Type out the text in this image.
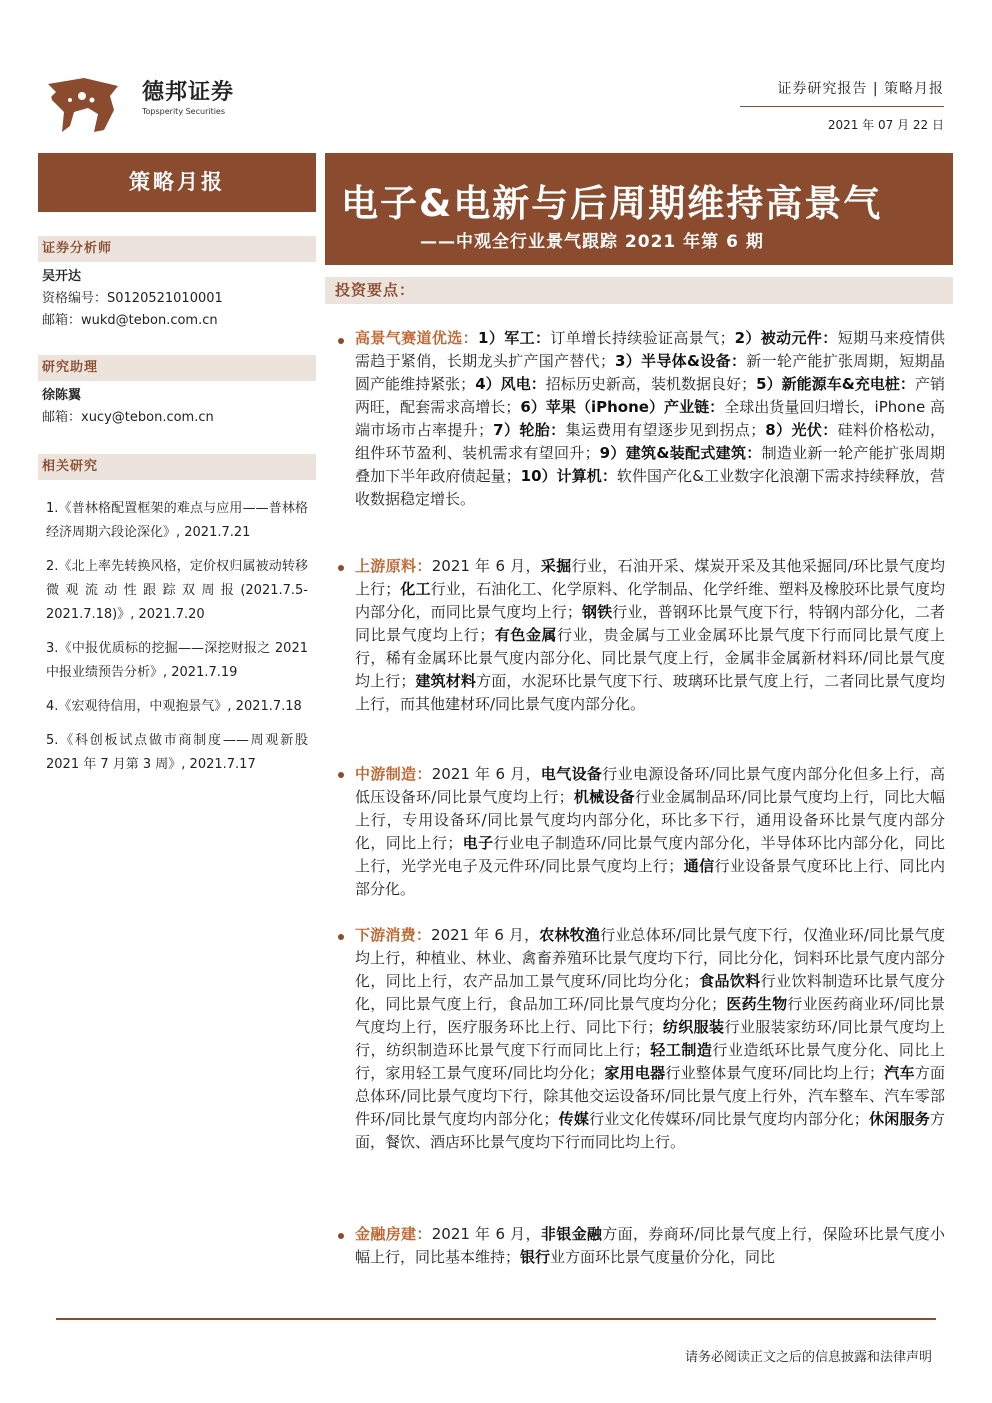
德邦证券
Topsperity Securities
证券研究报告 | 策略月报
2021 年 07 月 22 日
策略月报	电子&电新与后周期维持高景气
——中观全行业景气跟踪 2021 年第 6 期
证券分析师
吴开达
资格编号：S0120521010001
邮箱：wukd@tebon.com.cn
研究助理
徐陈翼
邮箱：xucy@tebon.com.cn
相关研究
1.《普林格配置框架的难点与应用——普林格经济周期六段论深化》, 2021.7.21
2.《北上率先转换风格，定价权归属被动转移微观流动性跟踪双周报(2021.7.5-2021.7.18)》, 2021.7.20
3.《中报优质标的挖掘——深挖财报之 2021 中报业绩预告分析》, 2021.7.19
4.《宏观待信用，中观抱景气》, 2021.7.18
5.《科创板试点做市商制度——周观新股 2021 年 7 月第 3 周》, 2021.7.17
投资要点：
高景气赛道优选：1）军工：订单增长持续验证高景气；2）被动元件：短期马来疫情供需趋于紧俏，长期龙头扩产国产替代；3）半导体&设备：新一轮产能扩张周期，短期晶圆产能维持紧张；4）风电：招标历史新高，装机数据良好；5）新能源车&充电桩：产销两旺，配套需求高增长；6）苹果（iPhone）产业链：全球出货量回归增长，iPhone 高端市场市占率提升；7）轮胎：集运费用有望逐步见到拐点；8）光伏：硅料价格松动，组件环节盈利、装机需求有望回升；9）建筑&装配式建筑：制造业新一轮产能扩张周期叠加下半年政府债起量；10）计算机：软件国产化&工业数字化浪潮下需求持续释放，营收数据稳定增长。
上游原料：2021 年 6 月，采掘行业，石油开采、煤炭开采及其他采掘同/环比景气度均上行；化工行业，石油化工、化学原料、化学制品、化学纤维、塑料及橡胶环比景气度均内部分化，而同比景气度均上行；钢铁行业，普钢环比景气度下行，特钢内部分化，二者同比景气度均上行；有色金属行业，贵金属与工业金属环比景气度下行而同比景气度上行，稀有金属环比景气度内部分化、同比景气度上行，金属非金属新材料环/同比景气度均上行；建筑材料方面，水泥环比景气度下行、玻璃环比景气度上行，二者同比景气度均上行，而其他建材环/同比景气度内部分化。
中游制造：2021 年 6 月，电气设备行业电源设备环/同比景气度内部分化但多上行，高低压设备环/同比景气度均上行；机械设备行业金属制品环/同比景气度均上行，同比大幅上行，专用设备环/同比景气度均内部分化，环比多下行，通用设备环比景气度内部分化，同比上行；电子行业电子制造环/同比景气度内部分化，半导体环比内部分化，同比上行，光学光电子及元件环/同比景气度均上行；通信行业设备景气度环比上行、同比内部分化。
下游消费：2021 年 6 月，农林牧渔行业总体环/同比景气度下行，仅渔业环/同比景气度均上行，种植业、林业、禽畜养殖环比景气度均下行，同比分化，饲料环比景气度内部分化，同比上行，农产品加工景气度环/同比均分化；食品饮料行业饮料制造环比景气度分化，同比景气度上行，食品加工环/同比景气度均分化；医药生物行业医药商业环/同比景气度均上行，医疗服务环比上行、同比下行；纺织服装行业服装家纺环/同比景气度均上行，纺织制造环比景气度下行而同比上行；轻工制造行业造纸环比景气度分化、同比上行，家用轻工景气度环/同比均分化；家用电器行业整体景气度环/同比均上行；汽车方面总体环/同比景气度均下行，除其他交运设备环/同比景气度上行外，汽车整车、汽车零部件环/同比景气度均内部分化；传媒行业文化传媒环/同比景气度均内部分化；休闲服务方面，餐饮、酒店环比景气度均下行而同比均上行。
金融房建：2021 年 6 月，非银金融方面，券商环/同比景气度上行，保险环比景气度小幅上行，同比基本维持；银行业方面环比景气度量价分化，同比
请务必阅读正文之后的信息披露和法律声明
